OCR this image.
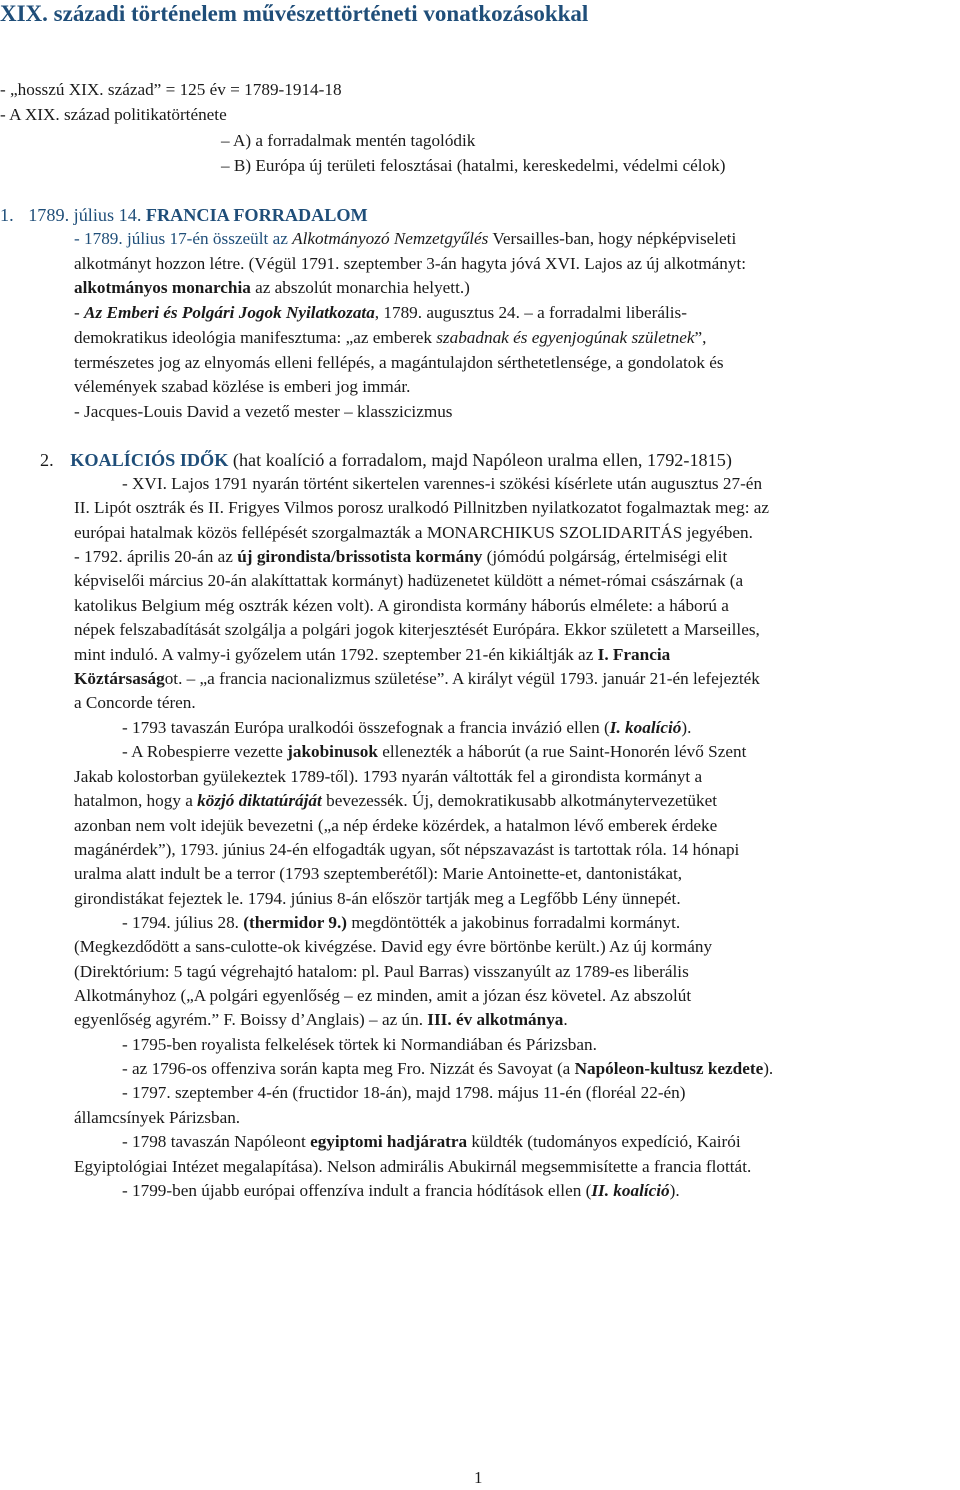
XIX. századi történelem művészettörténeti vonatkozásokkal
- „hosszú XIX. század” = 125 év = 1789-1914-18
- A XIX. század politikatörténete
– A) a forradalmak mentén tagolódik
– B) Európa új területi felosztásai (hatalmi, kereskedelmi, védelmi célok)
1. 1789. július 14. FRANCIA FORRADALOM
- 1789. július 17-én összeült az Alkotmányozó Nemzetgyűlés Versailles-ban, hogy népképviseleti
alkotmányt hozzon létre. (Végül 1791. szeptember 3-án hagyta jóvá XVI. Lajos az új alkotmányt:
alkotmányos monarchia az abszolút monarchia helyett.)
- Az Emberi és Polgári Jogok Nyilatkozata, 1789. augusztus 24. – a forradalmi liberális-
demokratikus ideológia manifesztuma: „az emberek szabadnak és egyenjogúnak születnek”,
természetes jog az elnyomás elleni fellépés, a magántulajdon sérthetetlensége, a gondolatok és
vélemények szabad közlése is emberi jog immár.
- Jacques-Louis David a vezető mester – klasszicizmus
2. KOALÍCIÓS IDŐK (hat koalíció a forradalom, majd Napóleon uralma ellen, 1792-1815)
- XVI. Lajos 1791 nyarán történt sikertelen varennes-i szökési kísérlete után augusztus 27-én
II. Lipót osztrák és II. Frigyes Vilmos porosz uralkodó Pillnitzben nyilatkozatot fogalmaztak meg: az
európai hatalmak közös fellépését szorgalmazták a MONARCHIKUS SZOLIDARITÁS jegyében.
- 1792. április 20-án az új girondista/brissotista kormány (jómódú polgárság, értelmiségi elit
képviselői március 20-án alakíttattak kormányt) hadüzenetet küldött a német-római császárnak (a
katolikus Belgium még osztrák kézen volt). A girondista kormány háborús elmélete: a háború a
népek felszabadítását szolgálja a polgári jogok kiterjesztését Európára. Ekkor született a Marseilles,
mint induló. A valmy-i győzelem után 1792. szeptember 21-én kikiáltják az I. Francia
Köztársaságot. – „a francia nacionalizmus születése”. A királyt végül 1793. január 21-én lefejezték
a Concorde téren.
- 1793 tavaszán Európa uralkodói összefognak a francia invázió ellen (I. koalíció).
- A Robespierre vezette jakobinusok ellenezték a háborút (a rue Saint-Honorén lévő Szent
Jakab kolostorban gyülekeztek 1789-től). 1793 nyarán váltották fel a girondista kormányt a
hatalmon, hogy a közjó diktatúráját bevezessék. Új, demokratikusabb alkotmánytervezetüket
azonban nem volt idejük bevezetni („a nép érdeke közérdek, a hatalmon lévő emberek érdeke
magánérdek”), 1793. június 24-én elfogadták ugyan, sőt népszavazást is tartottak róla. 14 hónapi
uralma alatt indult be a terror (1793 szeptemberétől): Marie Antoinette-et, dantonistákat,
girondistákat fejeztek le. 1794. június 8-án először tartják meg a Legfőbb Lény ünnepét.
- 1794. július 28. (thermidor 9.) megdöntötték a jakobinus forradalmi kormányt.
(Megkezdődött a sans-culotte-ok kivégzése. David egy évre börtönbe került.) Az új kormány
(Direktórium: 5 tagú végrehajtó hatalom: pl. Paul Barras) visszanyúlt az 1789-es liberális
Alkotmányhoz („A polgári egyenlőség – ez minden, amit a józan ész követel. Az abszolút
egyenlőség agyrém.” F. Boissy d’Anglais) – az ún. III. év alkotmánya.
- 1795-ben royalista felkelések törtek ki Normandiában és Párizsban.
- az 1796-os offenziva során kapta meg Fro. Nizzát és Savoyat (a Napóleon-kultusz kezdete).
- 1797. szeptember 4-én (fructidor 18-án), majd 1798. május 11-én (floréal 22-én)
államcsínyek Párizsban.
- 1798 tavaszán Napóleont egyiptomi hadjáratra küldték (tudományos expedíció, Kairói
Egyiptológiai Intézet megalapítása). Nelson admirális Abukirnál megsemmisítette a francia flottát.
- 1799-ben újabb európai offenzíva indult a francia hódítások ellen (II. koalíció).
1
